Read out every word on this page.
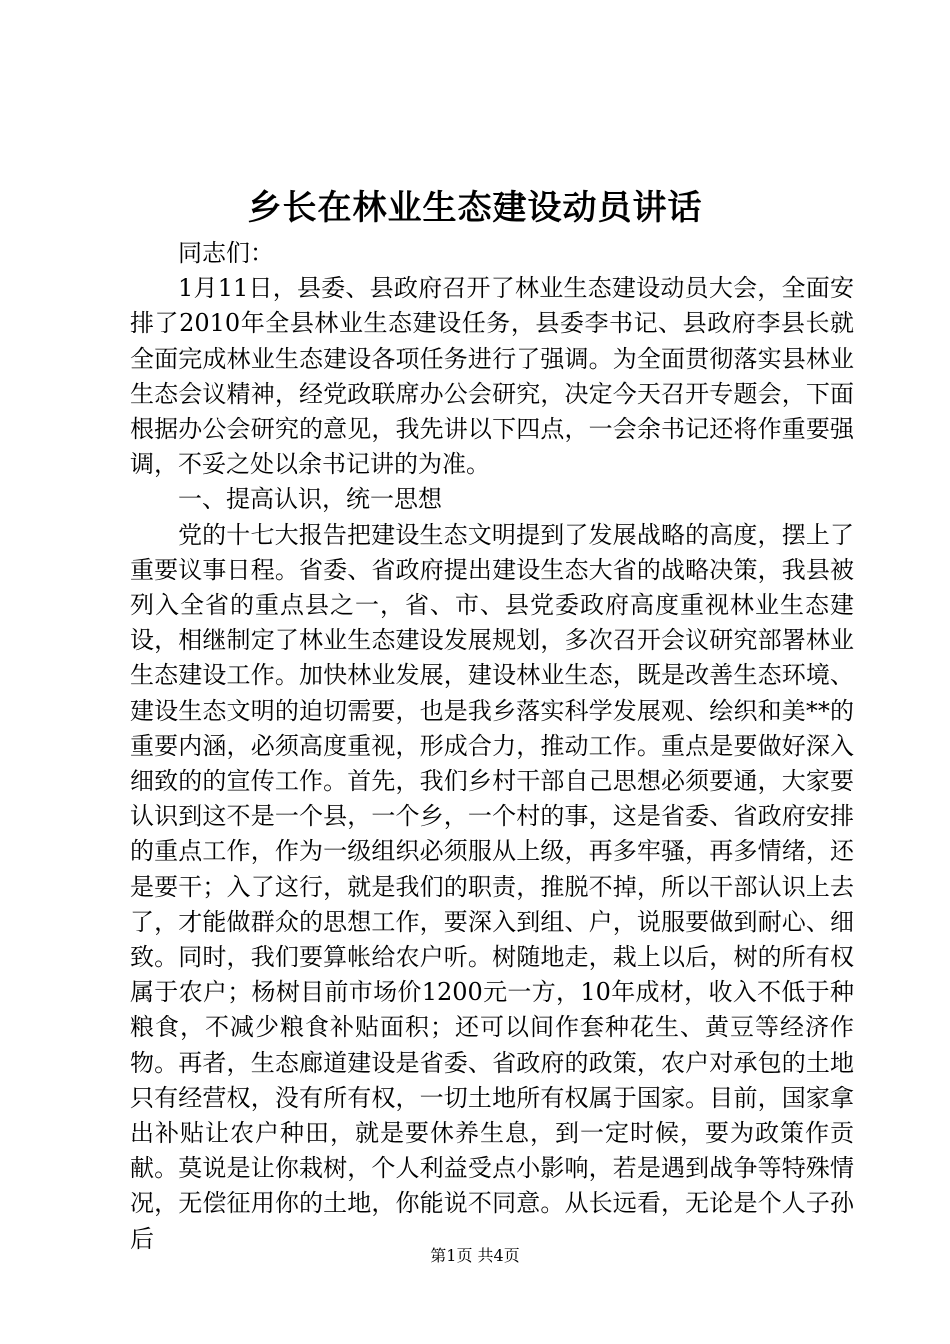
乡长在林业生态建设动员讲话

同志们：

1月11日，县委、县政府召开了林业生态建设动员大会，全面安排了2010年全县林业生态建设任务，县委李书记、县政府李县长就全面完成林业生态建设各项任务进行了强调。为全面贯彻落实县林业生态会议精神，经党政联席办公会研究，决定今天召开专题会，下面根据办公会研究的意见，我先讲以下四点，一会余书记还将作重要强调，不妥之处以余书记讲的为准。

一、提高认识，统一思想

党的十七大报告把建设生态文明提到了发展战略的高度，摆上了重要议事日程。省委、省政府提出建设生态大省的战略决策，我县被列入全省的重点县之一，省、市、县党委政府高度重视林业生态建设，相继制定了林业生态建设发展规划，多次召开会议研究部署林业生态建设工作。加快林业发展，建设林业生态，既是改善生态环境、建设生态文明的迫切需要，也是我乡落实科学发展观、绘织和美**的重要内涵，必须高度重视，形成合力，推动工作。重点是要做好深入细致的的宣传工作。首先，我们乡村干部自己思想必须要通，大家要认识到这不是一个县，一个乡，一个村的事，这是省委、省政府安排的重点工作，作为一级组织必须服从上级，再多牢骚，再多情绪，还是要干；入了这行，就是我们的职责，推脱不掉，所以干部认识上去了，才能做群众的思想工作，要深入到组、户，说服要做到耐心、细致。同时，我们要算帐给农户听。树随地走，栽上以后，树的所有权属于农户；杨树目前市场价1200元一方，10年成材，收入不低于种粮食，不减少粮食补贴面积；还可以间作套种花生、黄豆等经济作物。再者，生态廊道建设是省委、省政府的政策，农户对承包的土地只有经营权，没有所有权，一切土地所有权属于国家。目前，国家拿出补贴让农户种田，就是要休养生息，到一定时候，要为政策作贡献。莫说是让你栽树，个人利益受点小影响，若是遇到战争等特殊情况，无偿征用你的土地，你能说不同意。从长远看，无论是个人子孙后

第1页 共4页
